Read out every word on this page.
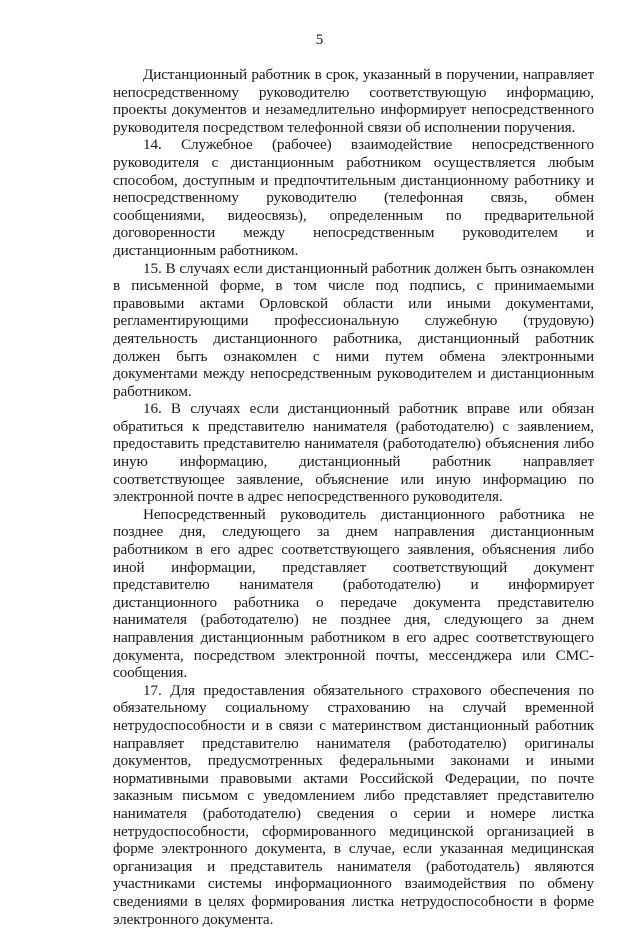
5

Дистанционный работник в срок, указанный в поручении, направляет непосредственному руководителю соответствующую информацию, проекты документов и незамедлительно информирует непосредственного руководителя посредством телефонной связи об исполнении поручения.

14. Служебное (рабочее) взаимодействие непосредственного руководителя с дистанционным работником осуществляется любым способом, доступным и предпочтительным дистанционному работнику и непосредственному руководителю (телефонная связь, обмен сообщениями, видеосвязь), определенным по предварительной договоренности между непосредственным руководителем и дистанционным работником.

15. В случаях если дистанционный работник должен быть ознакомлен в письменной форме, в том числе под подпись, с принимаемыми правовыми актами Орловской области или иными документами, регламентирующими профессиональную служебную (трудовую) деятельность дистанционного работника, дистанционный работник должен быть ознакомлен с ними путем обмена электронными документами между непосредственным руководителем и дистанционным работником.

16. В случаях если дистанционный работник вправе или обязан обратиться к представителю нанимателя (работодателю) с заявлением, предоставить представителю нанимателя (работодателю) объяснения либо иную информацию, дистанционный работник направляет соответствующее заявление, объяснение или иную информацию по электронной почте в адрес непосредственного руководителя.

Непосредственный руководитель дистанционного работника не позднее дня, следующего за днем направления дистанционным работником в его адрес соответствующего заявления, объяснения либо иной информации, представляет соответствующий документ представителю нанимателя (работодателю) и информирует дистанционного работника о передаче документа представителю нанимателя (работодателю) не позднее дня, следующего за днем направления дистанционным работником в его адрес соответствующего документа, посредством электронной почты, мессенджера или СМС-сообщения.

17. Для предоставления обязательного страхового обеспечения по обязательному социальному страхованию на случай временной нетрудоспособности и в связи с материнством дистанционный работник направляет представителю нанимателя (работодателю) оригиналы документов, предусмотренных федеральными законами и иными нормативными правовыми актами Российской Федерации, по почте заказным письмом с уведомлением либо представляет представителю нанимателя (работодателю) сведения о серии и номере листка нетрудоспособности, сформированного медицинской организацией в форме электронного документа, в случае, если указанная медицинская организация и представитель нанимателя (работодатель) являются участниками системы информационного взаимодействия по обмену сведениями в целях формирования листка нетрудоспособности в форме электронного документа.
